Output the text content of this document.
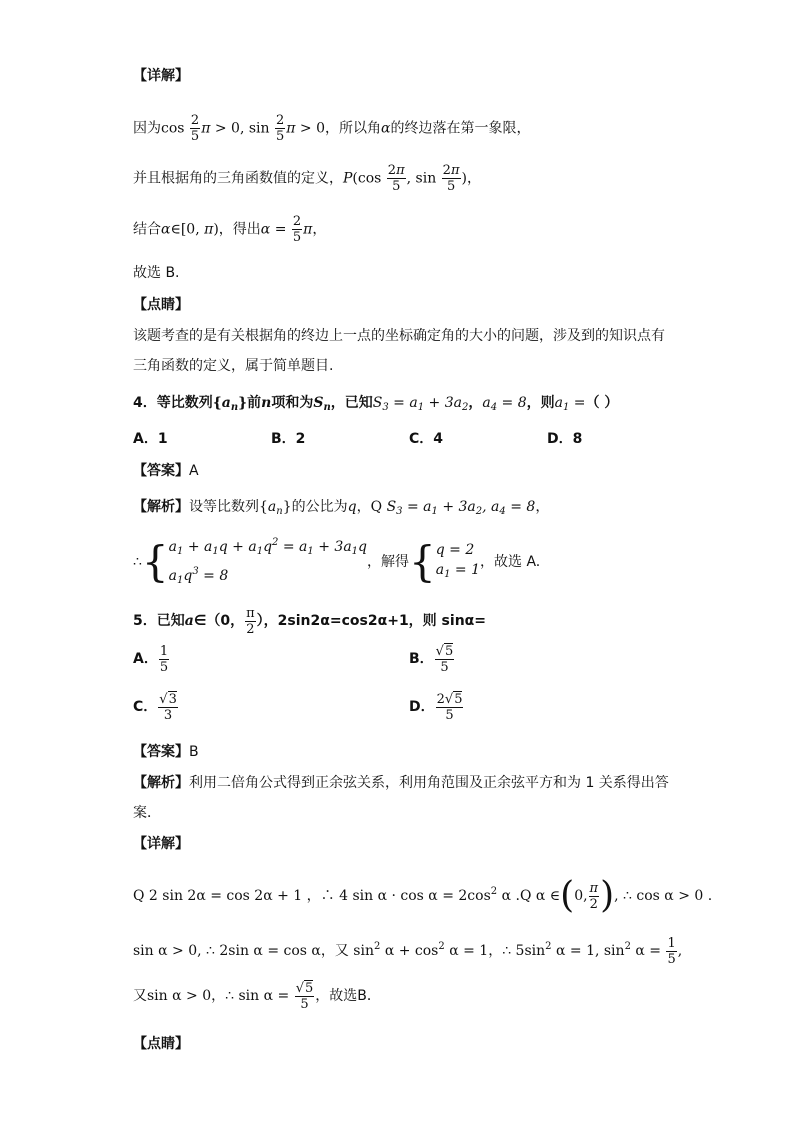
【详解】
因为$\cos \frac{2}{5}$ π > 0, $\sin \frac{2}{5}$ π > 0，所以角α的终边落在第一象限，
并且根据角的三角函数值的定义，$P(\cos \frac{2\pi}{5}$ , $\sin \frac{2\pi}{5}$ )，
结合α∈[0, π)，得出$\alpha = \frac{2}{5}$ π，
故选 B.
【点睛】
该题考查的是有关根据角的终边上一点的坐标确定角的大小的问题，涉及到的知识点有
三角函数的定义，属于简单题目.
4．等比数列$\{a_n\}$前n项和为$S_n$，已知$S_3 = a_1 + 3a_2$，$a_4 = 8$，则$a_1$ =（ ）
A．1	B．2	C．4	D．8
【答案】A
【解析】设等比数列$\{a_n\}$的公比为q，Q $S_3 = a_1 + 3a_2$, $a_4 = 8$，
∴{ $a_1 + a_1q + a_1q^2 = a_1 + 3a_1q$
$a_1q^3 = 8$
，解得{ q = 2
$a_1 = 1$ ，故选 A.
5．已知a∈（0， $\frac{\pi}{2}$ ），2sin2α=cos2α+1，则 sinα=
A． $\frac{1}{5}$	B． $\frac{√5}{5}$
C． $\frac{√3}{3}$	D． $\frac{2√5}{5}$
【答案】B
【解析】利用二倍角公式得到正余弦关系，利用角范围及正余弦平方和为 1 关系得出答
案．
【详解】
Q 2 sin 2α = cos 2α + 1 ，∴ 4 $\sin \alpha \cdot \cos \alpha = 2\cos^2$ α .Q α ∈(0, $\frac{\pi}{2}$ ), ∴ cos α > 0 .
sin α > 0, ∴ 2sin α = cos α，又 $\sin^2 \alpha + \cos^2 \alpha = 1$，∴ $5\sin^2$ α = 1, $\sin^2 \alpha = \frac{1}{5}$ ,
又sin α > 0，∴ $\sin \alpha = \frac{√5}{5}$ ，故选B．
【点睛】
